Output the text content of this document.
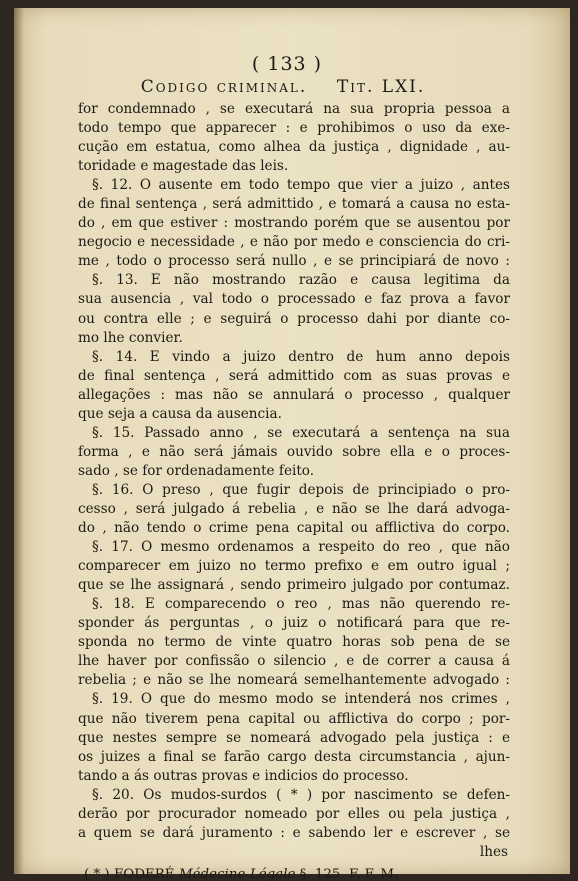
( 133 )
Codigo criminal. Tit. LXI.
for condemnado , se executará na sua propria pessoa a
todo tempo que apparecer : e prohibimos o uso da exe-
cução em estatua, como alhea da justiça , dignidade , au-
toridade e magestade das leis.
§. 12. O ausente em todo tempo que vier a juizo , antes
de final sentença , será admittido , e tomará a causa no esta-
do , em que estiver : mostrando porém que se ausentou por
negocio e necessidade , e não por medo e consciencia do cri-
me , todo o processo será nullo , e se principiará de novo :
§. 13. E não mostrando razão e causa legitima da
sua ausencia , val todo o processado e faz prova a favor
ou contra elle ; e seguirá o processo dahi por diante co-
mo lhe convier.
§. 14. E vindo a juizo dentro de hum anno depois
de final sentença , será admittido com as suas provas e
allegações : mas não se annulará o processo , qualquer
que seja a causa da ausencia.
§. 15. Passado anno , se executará a sentença na sua
forma , e não será jámais ouvido sobre ella e o proces-
sado , se for ordenadamente feito.
§. 16. O preso , que fugir depois de principiado o pro-
cesso , será julgado á rebelia , e não se lhe dará advoga-
do , não tendo o crime pena capital ou afflictiva do corpo.
§. 17. O mesmo ordenamos a respeito do reo , que não
comparecer em juizo no termo prefixo e em outro igual ;
que se lhe assignará , sendo primeiro julgado por contumaz.
§. 18. E comparecendo o reo , mas não querendo re-
sponder ás perguntas , o juiz o notificará para que re-
sponda no termo de vinte quatro horas sob pena de se
lhe haver por confissão o silencio , e de correr a causa á
rebelia ; e não se lhe nomeará semelhantemente advogado :
§. 19. O que do mesmo modo se intenderá nos crimes ,
que não tiverem pena capital ou afflictiva do corpo ; por-
que nestes sempre se nomeará advogado pela justiça : e
os juizes a final se farão cargo desta circumstancia , ajun-
tando a ás outras provas e indicios do processo.
§. 20. Os mudos-surdos ( * ) por nascimento se defen-
derão por procurador nomeado por elles ou pela justiça ,
a quem se dará juramento : e sabendo ler e escrever , se
lhes
( * ) FODERÉ Médecine-Légale §. 125. F. F. M.
